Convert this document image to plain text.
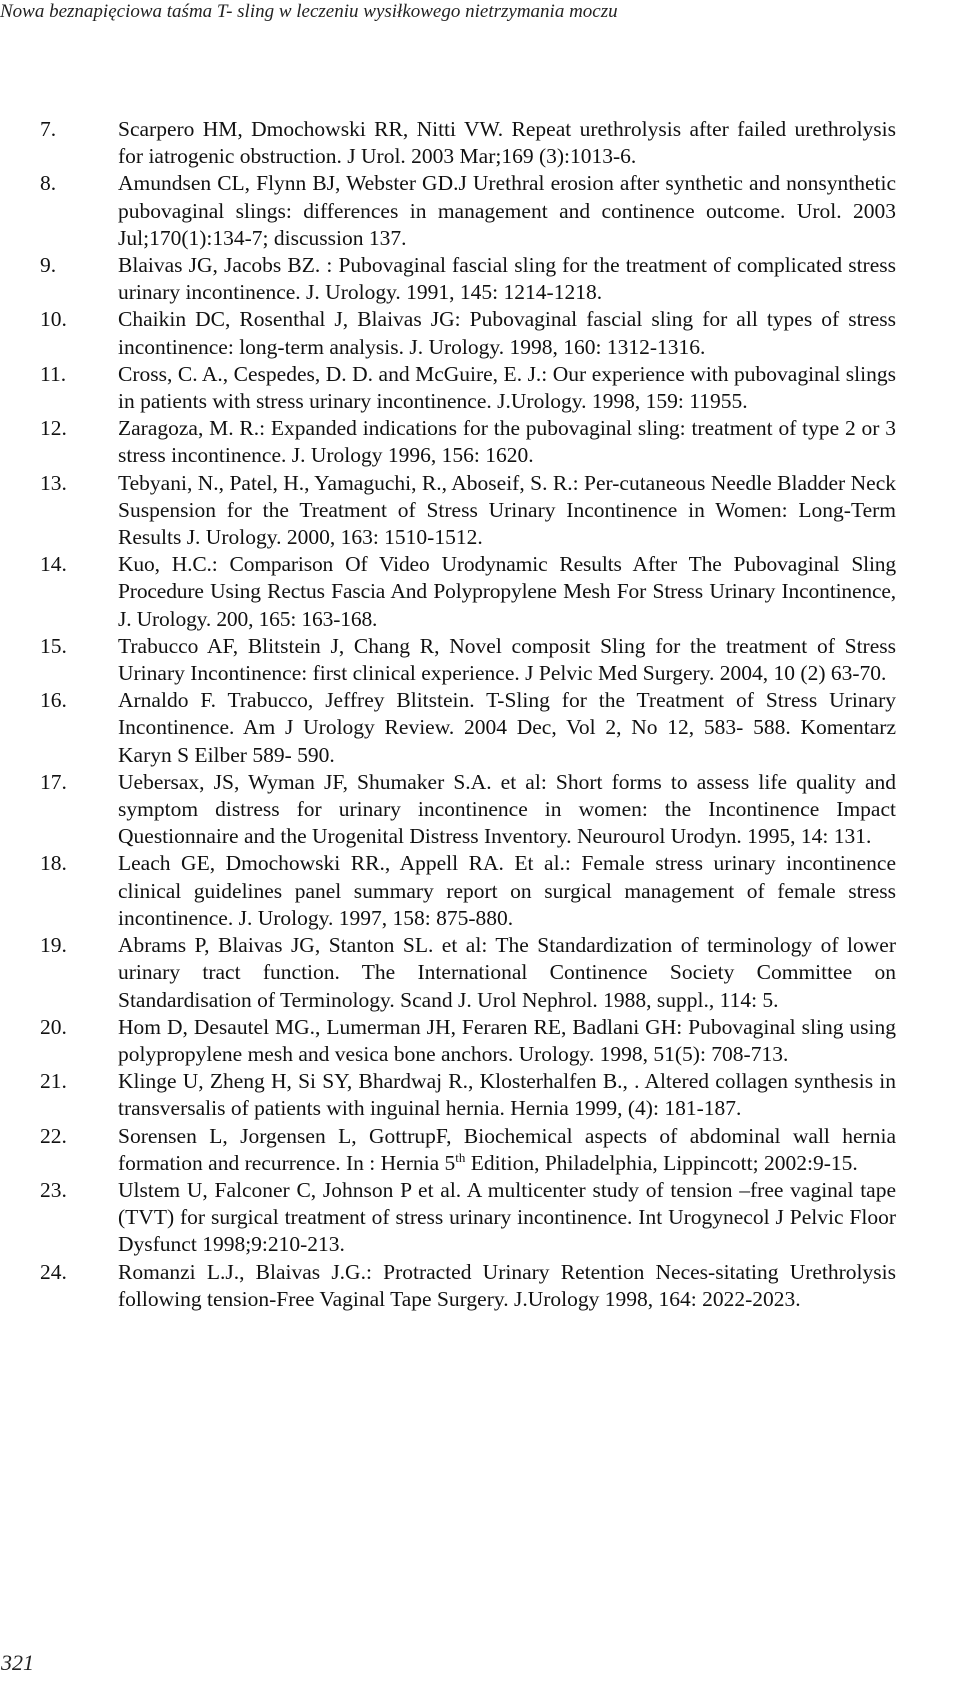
Nowa beznapięciowa taśma T- sling w leczeniu wysiłkowego nietrzymania moczu
7.	Scarpero HM, Dmochowski RR, Nitti VW. Repeat urethrolysis after failed urethrolysis for iatrogenic obstruction. J Urol. 2003 Mar;169 (3):1013-6.
8.	Amundsen CL, Flynn BJ, Webster GD.J Urethral erosion after synthetic and nonsynthetic pubovaginal slings: differences in management and continence outcome. Urol. 2003 Jul;170(1):134-7; discussion 137.
9.	Blaivas JG, Jacobs BZ. : Pubovaginal fascial sling for the treatment of complicated stress urinary incontinence. J. Urology. 1991, 145: 1214-1218.
10.	Chaikin DC, Rosenthal J, Blaivas JG: Pubovaginal fascial sling for all types of stress incontinence: long-term analysis. J. Urology. 1998, 160: 1312-1316.
11.	Cross, C. A., Cespedes, D. D. and McGuire, E. J.: Our experience with pubovaginal slings in patients with stress urinary incontinence. J.Urology. 1998, 159: 11955.
12.	Zaragoza, M. R.: Expanded indications for the pubovaginal sling: treatment of type 2 or 3 stress incontinence. J. Urology 1996, 156: 1620.
13.	Tebyani, N., Patel, H., Yamaguchi, R., Aboseif, S. R.: Per-cutaneous Needle Bladder Neck Suspension for the Treatment of Stress Urinary Incontinence in Women: Long-Term Results J. Urology. 2000, 163: 1510-1512.
14.	Kuo, H.C.: Comparison Of Video Urodynamic Results After The Pubovaginal Sling Procedure Using Rectus Fascia And Polypropylene Mesh For Stress Urinary Incontinence, J. Urology. 200, 165: 163-168.
15.	Trabucco AF, Blitstein J, Chang R, Novel composit Sling for the treatment of Stress Urinary Incontinence: first clinical experience. J Pelvic Med Surgery. 2004, 10 (2) 63-70.
16.	Arnaldo F. Trabucco, Jeffrey Blitstein. T-Sling for the Treatment of Stress Urinary Incontinence. Am J Urology Review. 2004 Dec, Vol 2, No 12, 583- 588. Komentarz Karyn S Eilber 589- 590.
17.	Uebersax, JS, Wyman JF, Shumaker S.A. et al: Short forms to assess life quality and symptom distress for urinary incontinence in women: the Incontinence Impact Questionnaire and the Urogenital Distress Inventory. Neurourol Urodyn. 1995, 14: 131.
18.	Leach GE, Dmochowski RR., Appell RA. Et al.: Female stress urinary incontinence clinical guidelines panel summary report on surgical management of female stress incontinence. J. Urology. 1997, 158: 875-880.
19.	Abrams P, Blaivas JG, Stanton SL. et al: The Standardization of terminology of lower urinary tract function. The International Continence Society Committee on Standardisation of Terminology. Scand J. Urol Nephrol. 1988, suppl., 114: 5.
20.	Hom D, Desautel MG., Lumerman JH, Feraren RE, Badlani GH: Pubovaginal sling using polypropylene mesh and vesica bone anchors. Urology. 1998, 51(5): 708-713.
21.	Klinge U, Zheng H, Si SY, Bhardwaj R., Klosterhalfen B., . Altered collagen synthesis in transversalis of patients with inguinal hernia. Hernia 1999, (4): 181-187.
22.	Sorensen L, Jorgensen L, GottrupF, Biochemical aspects of abdominal wall hernia formation and recurrence. In : Hernia 5th Edition, Philadelphia, Lippincott; 2002:9-15.
23.	Ulstem U, Falconer C, Johnson P et al. A multicenter study of tension –free vaginal tape (TVT) for surgical treatment of stress urinary incontinence. Int Urogynecol J Pelvic Floor Dysfunct 1998;9:210-213.
24.	Romanzi L.J., Blaivas J.G.: Protracted Urinary Retention Neces-sitating Urethrolysis following tension-Free Vaginal Tape Surgery. J.Urology 1998, 164: 2022-2023.
321
